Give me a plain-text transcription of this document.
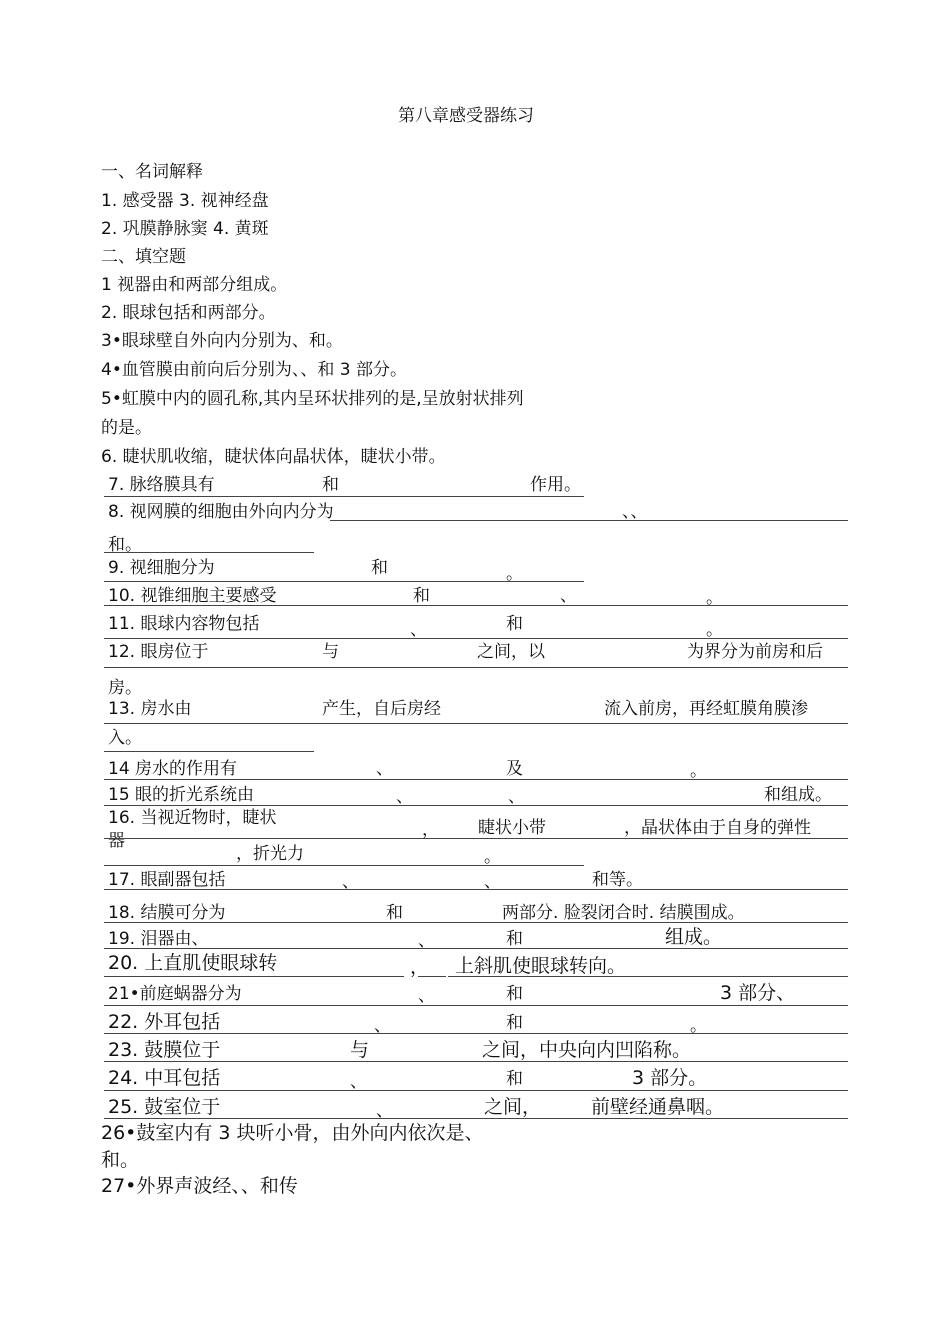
第八章感受器练习
一、名词解释
1. 感受器 3. 视神经盘
2. 巩膜静脉窦 4. 黄斑
二、填空题
1 视器由和两部分组成。
2. 眼球包括和两部分。
3•眼球壁自外向内分别为、和。
4•血管膜由前向后分别为、、和 3 部分。
5•虹膜中内的圆孔称,其内呈环状排列的是,呈放射状排列
的是。
6. 睫状肌收缩，睫状体向晶状体，睫状小带。
7. 脉络膜具有	和	作用。
8. 视网膜的细胞由外向内分为	、、
和。
9. 视细胞分为	和	。
10. 视锥细胞主要感受	和	、	。
11. 眼球内容物包括	、	和	。
12. 眼房位于	与	之间，以	为界分为前房和后
房。
13. 房水由	产生，自后房经	流入前房，再经虹膜角膜渗
入。
14 房水的作用有	、	及	。
15 眼的折光系统由	、	、	和组成。
16. 当视近物时，睫状
器
， 睫状小带	，晶状体由于自身的弹性
，折光力	。
17. 眼副器包括	、	、	和等。
18. 结膜可分为	和	两部分. 脸裂闭合时. 结膜围成。
19. 泪器由、	、	和	组成。
20. 上直肌使眼球转	， 上斜肌使眼球转向。
21•前庭蜗器分为	、	和	3 部分、
22. 外耳包括	、	和	。
23. 鼓膜位于	与	之间，中央向内凹陷称。
24. 中耳包括	、	和	3 部分。
25. 鼓室位于	、	之间，	前壁经通鼻咽。
26•鼓室内有 3 块听小骨，由外向内依次是、
和。
27•外界声波经、、和传
